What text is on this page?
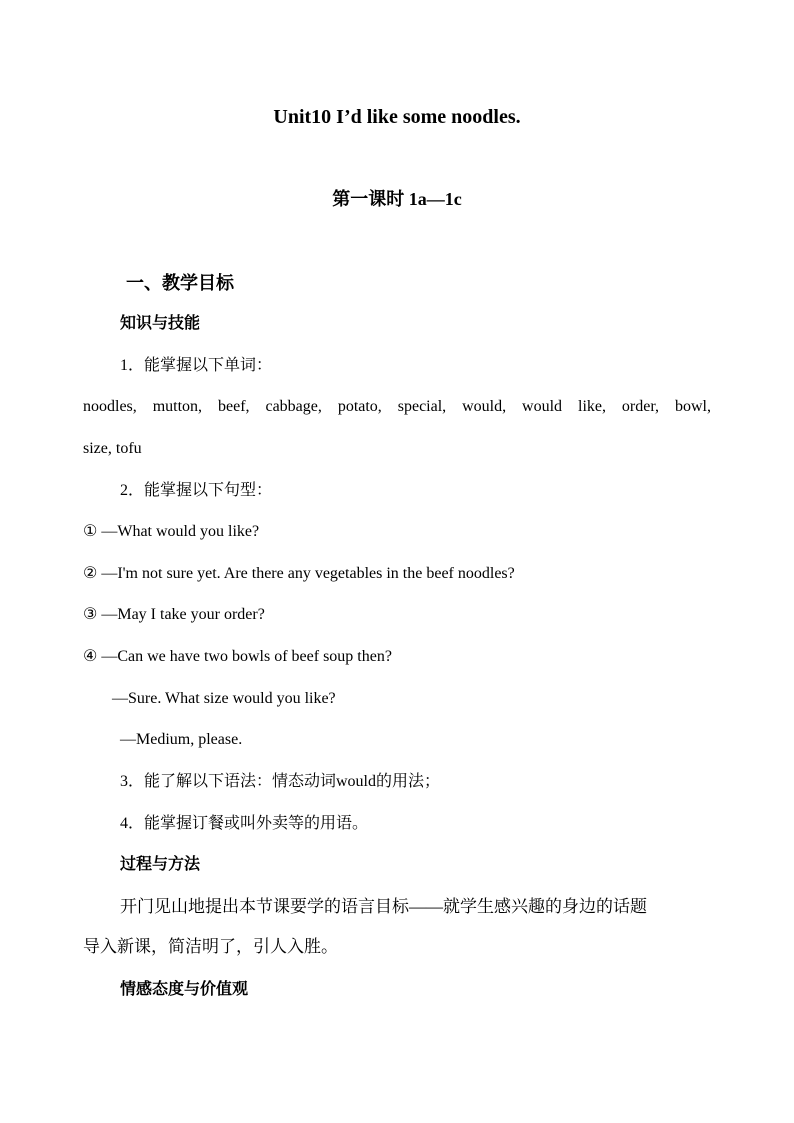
Unit10 I’d like some noodles.
第一课时 1a—1c
一、教学目标
知识与技能
1．能掌握以下单词：
noodles, mutton, beef, cabbage, potato, special, would, would like, order, bowl,
size, tofu
2．能掌握以下句型：
① —What would you like?
② —I'm not sure yet. Are there any vegetables in the beef noodles?
③ —May I take your order?
④ —Can we have two bowls of beef soup then?
—Sure. What size would you like?
—Medium, please.
3．能了解以下语法：情态动词would的用法；
4．能掌握订餐或叫外卖等的用语。
过程与方法
开门见山地提出本节课要学的语言目标——就学生感兴趣的身边的话题
导入新课，简洁明了，引人入胜。
情感态度与价值观
